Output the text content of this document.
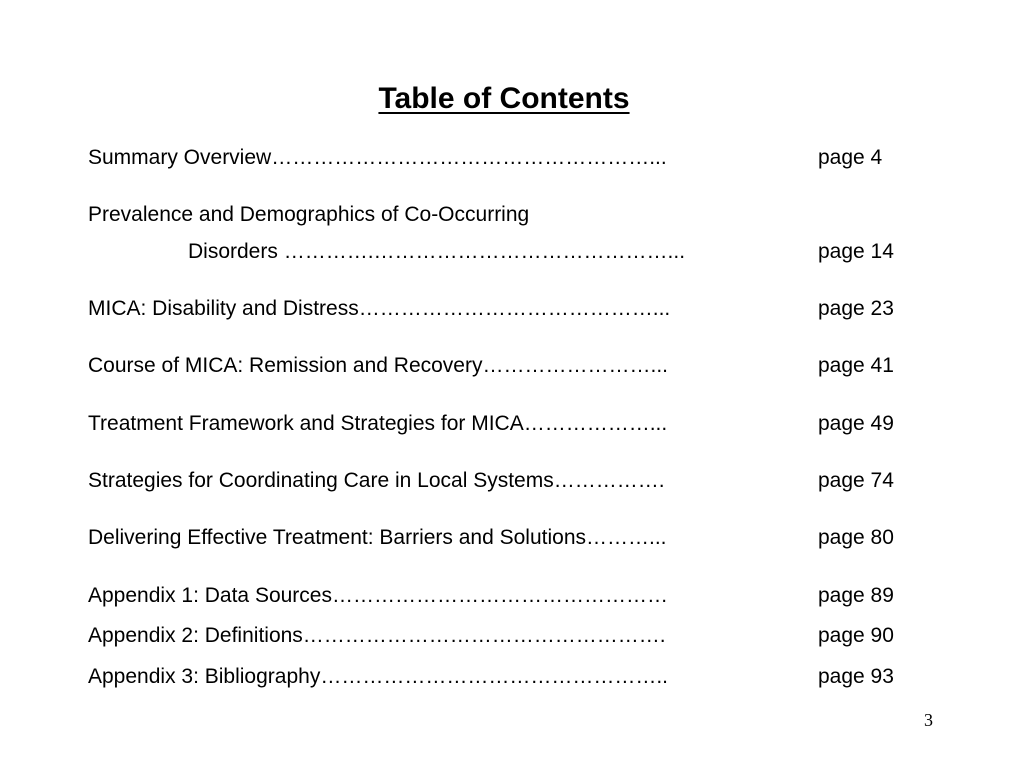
Table of Contents
Summary Overview………………………………………………...	page 4
Prevalence and Demographics of Co-Occurring
Disorders ………….……………………………………...	page 14
MICA: Disability and Distress……………………………………...	page 23
Course of MICA: Remission and Recovery……………………...	page 41
Treatment Framework and Strategies for MICA………………...	page 49
Strategies for Coordinating Care in Local Systems…………….	page 74
Delivering Effective Treatment: Barriers and Solutions………...	page 80
Appendix 1: Data Sources…………………………………………	page 89
Appendix 2: Definitions…………………………………………….	page 90
Appendix 3: Bibliography…………………………………………..	page 93
3
